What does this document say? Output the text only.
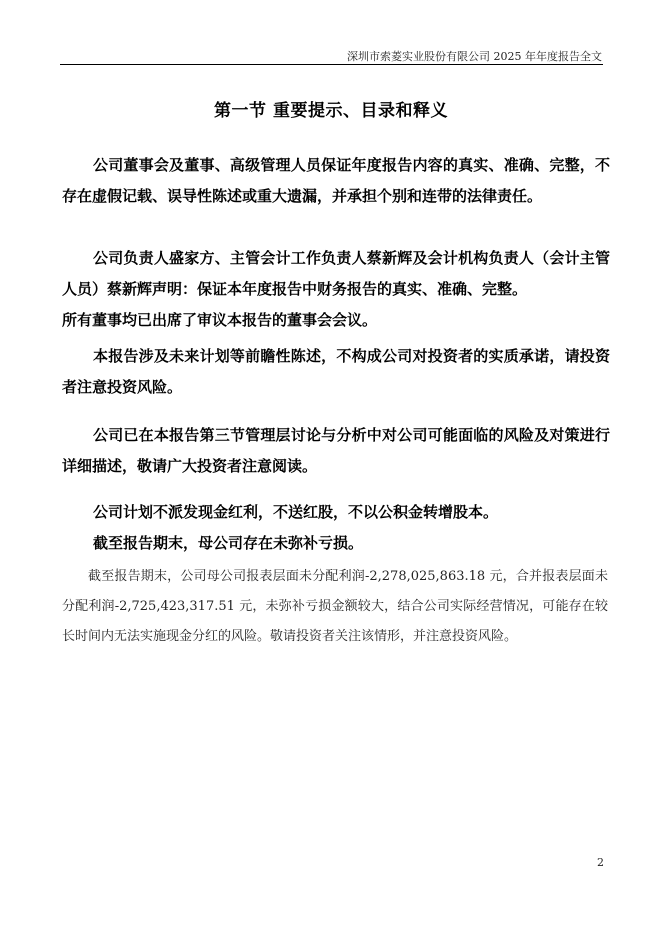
深圳市索菱实业股份有限公司 2025 年年度报告全文
第一节 重要提示、目录和释义

公司董事会及董事、高级管理人员保证年度报告内容的真实、准确、完整，不存在虚假记载、误导性陈述或重大遗漏，并承担个别和连带的法律责任。

公司负责人盛家方、主管会计工作负责人蔡新辉及会计机构负责人（会计主管人员）蔡新辉声明：保证本年度报告中财务报告的真实、准确、完整。

所有董事均已出席了审议本报告的董事会会议。

本报告涉及未来计划等前瞻性陈述，不构成公司对投资者的实质承诺，请投资者注意投资风险。

公司已在本报告第三节管理层讨论与分析中对公司可能面临的风险及对策进行详细描述，敬请广大投资者注意阅读。

公司计划不派发现金红利，不送红股，不以公积金转增股本。

截至报告期末，母公司存在未弥补亏损。

截至报告期末，公司母公司报表层面未分配利润-2,278,025,863.18 元，合并报表层面未分配利润-2,725,423,317.51 元，未弥补亏损金额较大，结合公司实际经营情况，可能存在较长时间内无法实施现金分红的风险。敬请投资者关注该情形，并注意投资风险。

2
